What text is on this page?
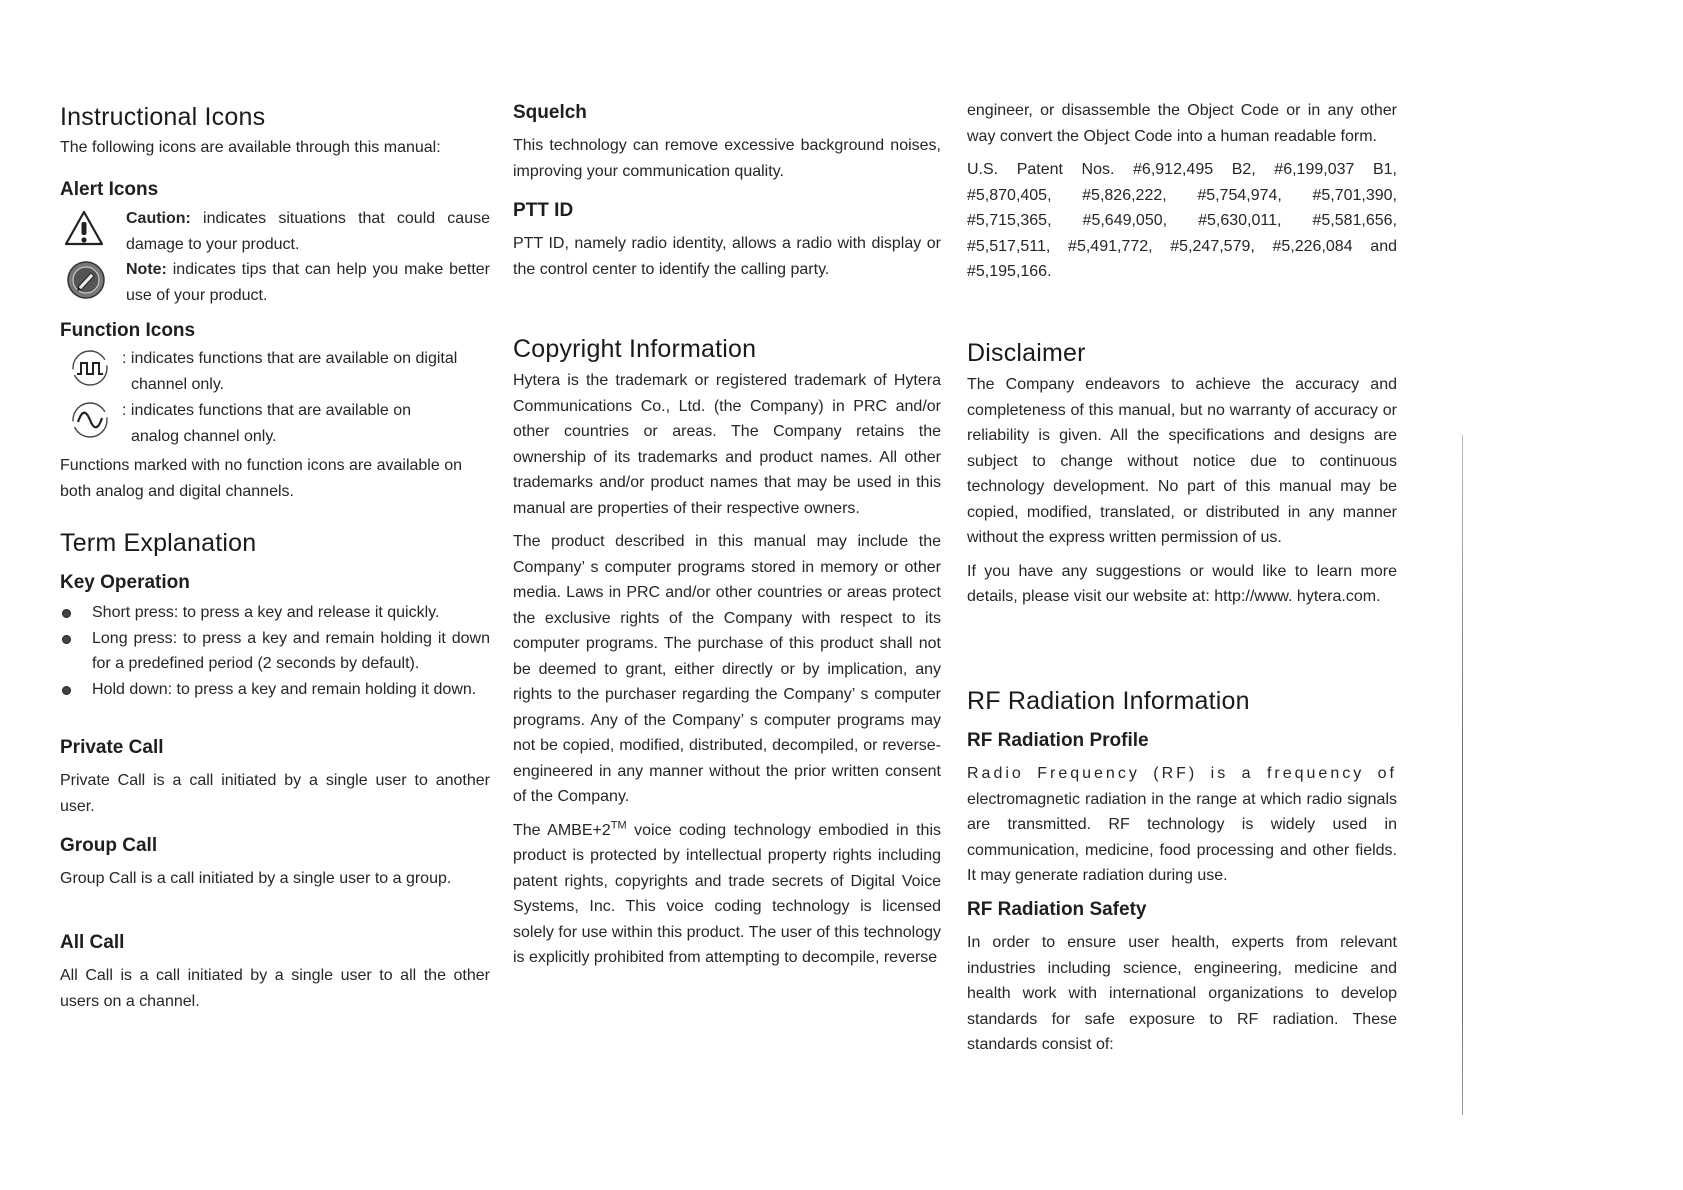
Instructional Icons

The following icons are available through this manual:

Alert Icons

Caution: indicates situations that could cause damage to your product.

Note: indicates tips that can help you make better use of your product.

Function Icons

: indicates functions that are available on digital
channel only.

: indicates functions that are available on
analog channel only.

Functions marked with no function icons are available on both analog and digital channels.

Term Explanation
Key Operation
Short press: to press a key and release it quickly.
Long press: to press a key and remain holding it down for a predefined period (2 seconds by default).
Hold down: to press a key and remain holding it down.
Private Call

Private Call is a call initiated by a single user to another user.

Group Call

Group Call is a call initiated by a single user to a group.

All Call

All Call is a call initiated by a single user to all the other users on a channel.

Squelch

This technology can remove excessive background noises, improving your communication quality.

PTT ID

PTT ID, namely radio identity, allows a radio with display or the control center to identify the calling party.

Copyright Information

Hytera is the trademark or registered trademark of Hytera Communications Co., Ltd. (the Company) in PRC and/or other countries or areas. The Company retains the ownership of its trademarks and product names. All other trademarks and/or product names that may be used in this manual are properties of their respective owners.

The product described in this manual may include the Company’ s computer programs stored in memory or other media. Laws in PRC and/or other countries or areas protect the exclusive rights of the Company with respect to its computer programs. The purchase of this product shall not be deemed to grant, either directly or by implication, any rights to the purchaser regarding the Company’ s computer programs. Any of the Company’ s computer programs may not be copied, modified, distributed, decompiled, or reverse-engineered in any manner without the prior written consent of the Company.

The AMBE+2™ voice coding technology embodied in this product is protected by intellectual property rights including patent rights, copyrights and trade secrets of Digital Voice Systems, Inc. This voice coding technology is licensed solely for use within this product. The user of this technology is explicitly prohibited from attempting to decompile, reverse

engineer, or disassemble the Object Code or in any other way convert the Object Code into a human readable form.

U.S. Patent Nos. #6,912,495 B2, #6,199,037 B1, #5,870,405, #5,826,222, #5,754,974, #5,701,390, #5,715,365, #5,649,050, #5,630,011, #5,581,656, #5,517,511, #5,491,772, #5,247,579, #5,226,084 and #5,195,166.

Disclaimer

The Company endeavors to achieve the accuracy and completeness of this manual, but no warranty of accuracy or reliability is given. All the specifications and designs are subject to change without notice due to continuous technology development. No part of this manual may be copied, modified, translated, or distributed in any manner without the express written permission of us.

If you have any suggestions or would like to learn more details, please visit our website at: http://www. hytera.com.

RF Radiation Information
RF Radiation Profile

Radio Frequency (RF) is a frequency of electromagnetic radiation in the range at which radio signals are transmitted. RF technology is widely used in communication, medicine, food processing and other fields. It may generate radiation during use.

RF Radiation Safety

In order to ensure user health, experts from relevant industries including science, engineering, medicine and health work with international organizations to develop standards for safe exposure to RF radiation. These standards consist of:
